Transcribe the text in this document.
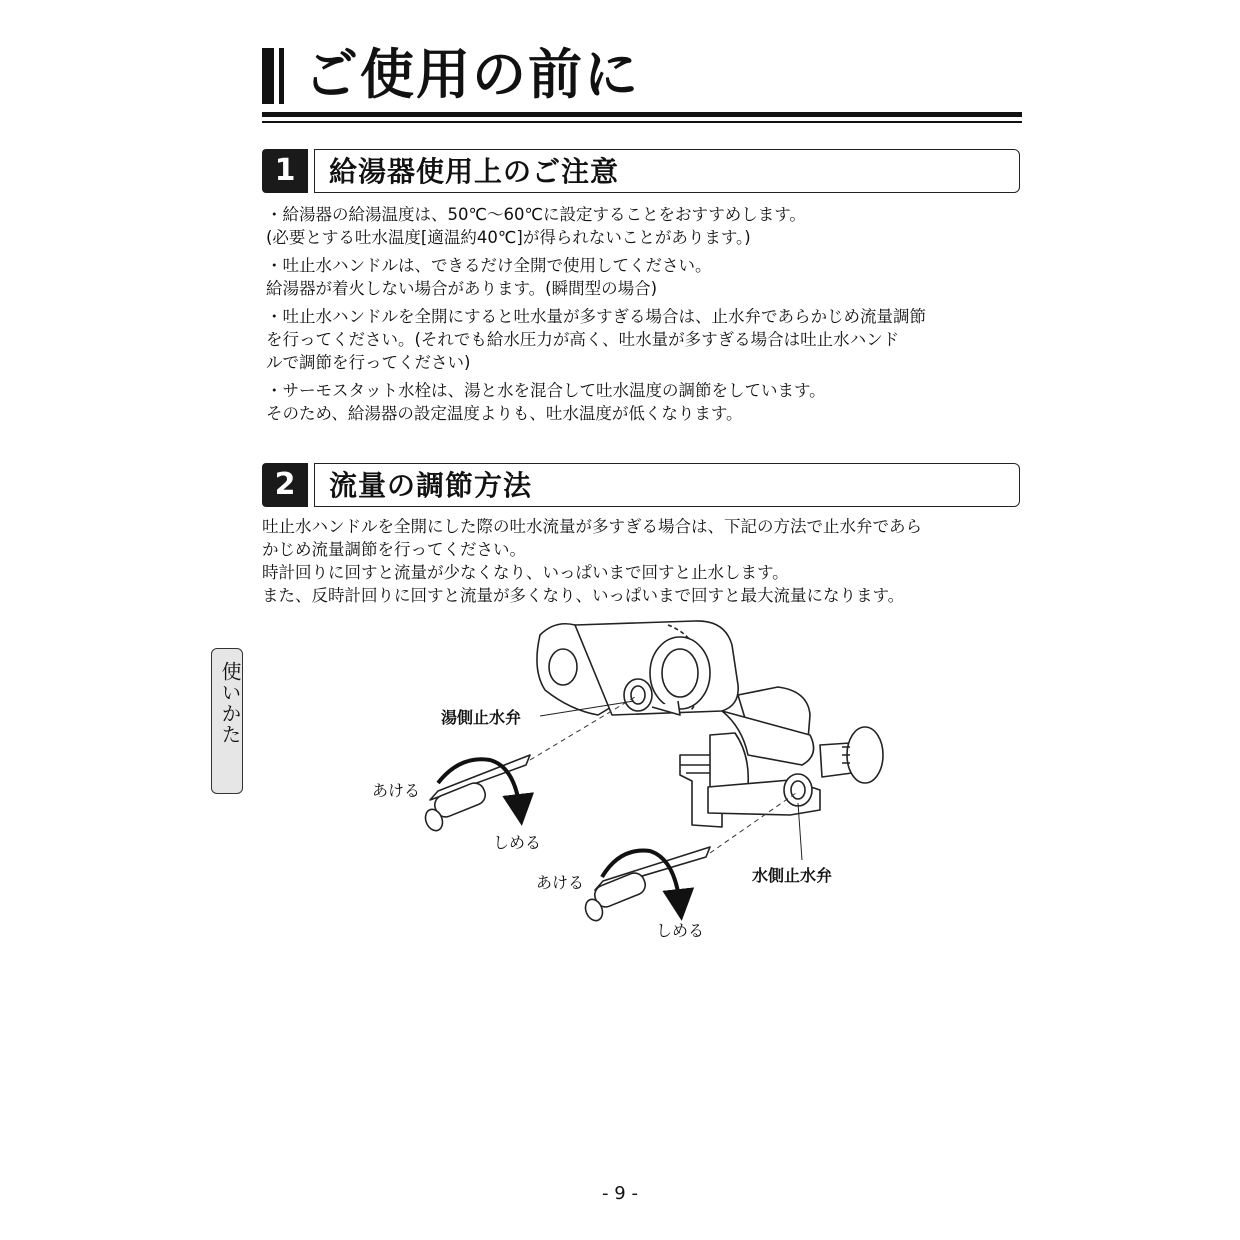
ご使用の前に
1	給湯器使用上のご注意
・給湯器の給湯温度は、50℃〜60℃に設定することをおすすめします。
(必要とする吐水温度[適温約40℃]が得られないことがあります。)
・吐止水ハンドルは、できるだけ全開で使用してください。
給湯器が着火しない場合があります。(瞬間型の場合)
・吐止水ハンドルを全開にすると吐水量が多すぎる場合は、止水弁であらかじめ流量調節
を行ってください。(それでも給水圧力が高く、吐水量が多すぎる場合は吐止水ハンド
ルで調節を行ってください)
・サーモスタット水栓は、湯と水を混合して吐水温度の調節をしています。
そのため、給湯器の設定温度よりも、吐水温度が低くなります。
2	流量の調節方法
吐止水ハンドルを全開にした際の吐水流量が多すぎる場合は、下記の方法で止水弁であら
かじめ流量調節を行ってください。
時計回りに回すと流量が少なくなり、いっぱいまで回すと止水します。
また、反時計回りに回すと流量が多くなり、いっぱいまで回すと最大流量になります。
使いかた	湯側止水弁
水側止水弁
あける
しめる
あける
しめる
- 9 -
